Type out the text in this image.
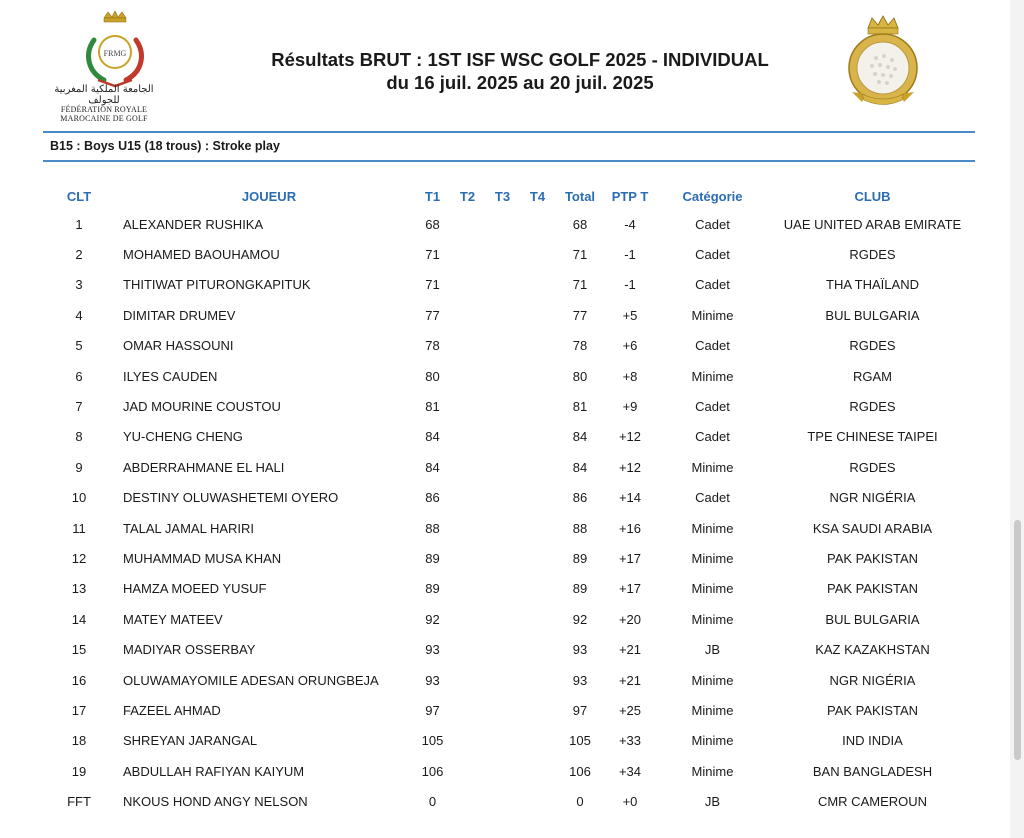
FRMG
الجامعة الملكية المغربية للجولف
FÉDÉRATION ROYALE MAROCAINE DE GOLF
Résultats BRUT : 1ST ISF WSC GOLF 2025 - INDIVIDUAL
du 16 juil. 2025 au 20 juil. 2025
B15 : Boys U15 (18 trous) : Stroke play
CLT	JOUEUR	T1	T2	T3	T4	Total	PTP T	Catégorie	CLUB
1	ALEXANDER RUSHIKA	68				68	-4	Cadet	UAE UNITED ARAB EMIRATE
2	MOHAMED BAOUHAMOU	71				71	-1	Cadet	RGDES
3	THITIWAT PITURONGKAPITUK	71				71	-1	Cadet	THA THAÏLAND
4	DIMITAR DRUMEV	77				77	+5	Minime	BUL BULGARIA
5	OMAR HASSOUNI	78				78	+6	Cadet	RGDES
6	ILYES CAUDEN	80				80	+8	Minime	RGAM
7	JAD MOURINE COUSTOU	81				81	+9	Cadet	RGDES
8	YU-CHENG CHENG	84				84	+12	Cadet	TPE CHINESE TAIPEI
9	ABDERRAHMANE EL HALI	84				84	+12	Minime	RGDES
10	DESTINY OLUWASHETEMI OYERO	86				86	+14	Cadet	NGR NIGÉRIA
11	TALAL JAMAL HARIRI	88				88	+16	Minime	KSA SAUDI ARABIA
12	MUHAMMAD MUSA KHAN	89				89	+17	Minime	PAK PAKISTAN
13	HAMZA MOEED YUSUF	89				89	+17	Minime	PAK PAKISTAN
14	MATEY MATEEV	92				92	+20	Minime	BUL BULGARIA
15	MADIYAR OSSERBAY	93				93	+21	JB	KAZ KAZAKHSTAN
16	OLUWAMAYOMILE ADESAN ORUNGBEJA	93				93	+21	Minime	NGR NIGÉRIA
17	FAZEEL AHMAD	97				97	+25	Minime	PAK PAKISTAN
18	SHREYAN JARANGAL	105				105	+33	Minime	IND INDIA
19	ABDULLAH RAFIYAN KAIYUM	106				106	+34	Minime	BAN BANGLADESH
FFT	NKOUS HOND ANGY NELSON	0				0	+0	JB	CMR CAMEROUN
